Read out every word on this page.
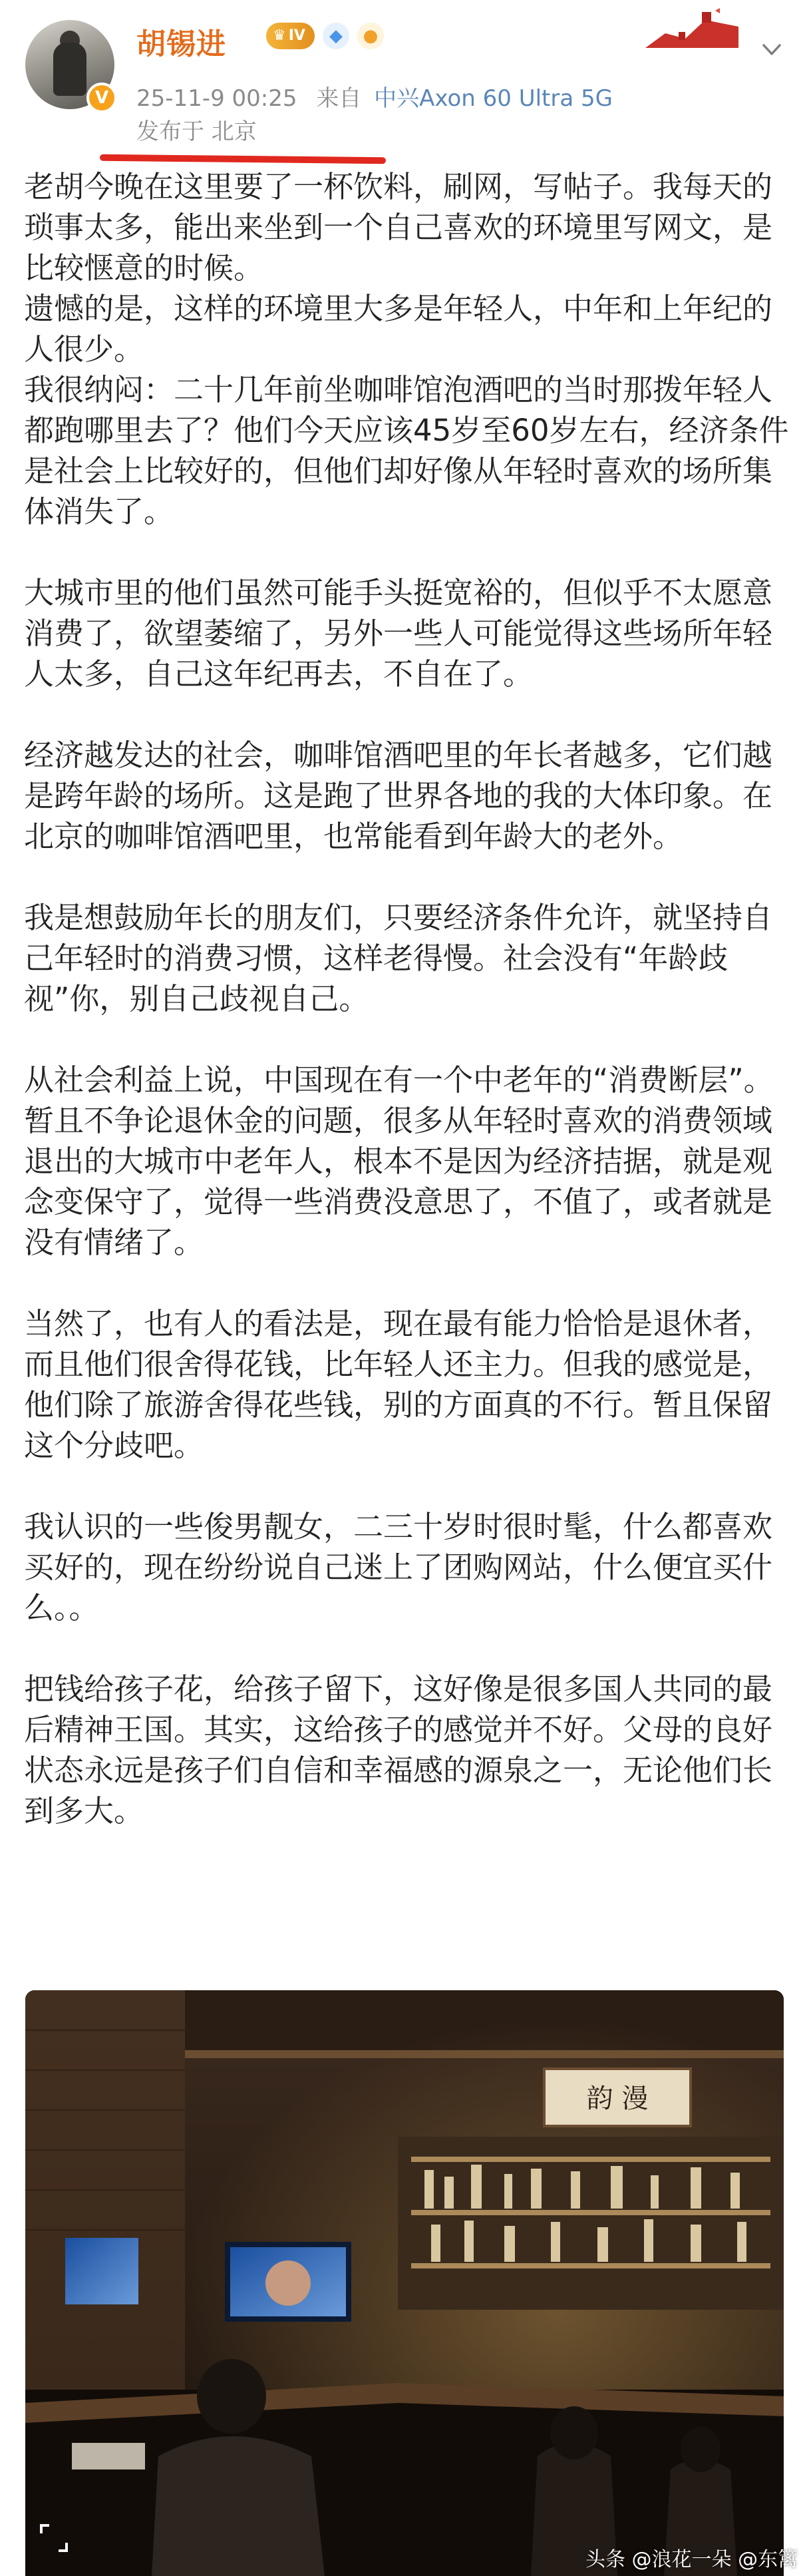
V
胡锡进	♛ IV	◆	●
25-11-9 00:25 来自 中兴Axon 60 Ultra 5G
发布于 北京

老胡今晚在这里要了一杯饮料，刷网，写帖子。我每天的琐事太多，能出来坐到一个自己喜欢的环境里写网文，是比较惬意的时候。

遗憾的是，这样的环境里大多是年轻人，中年和上年纪的人很少。

我很纳闷：二十几年前坐咖啡馆泡酒吧的当时那拨年轻人都跑哪里去了？他们今天应该45岁至60岁左右，经济条件是社会上比较好的，但他们却好像从年轻时喜欢的场所集体消失了。

大城市里的他们虽然可能手头挺宽裕的，但似乎不太愿意消费了，欲望萎缩了，另外一些人可能觉得这些场所年轻人太多，自己这年纪再去，不自在了。

经济越发达的社会，咖啡馆酒吧里的年长者越多，它们越是跨年龄的场所。这是跑了世界各地的我的大体印象。在北京的咖啡馆酒吧里，也常能看到年龄大的老外。

我是想鼓励年长的朋友们，只要经济条件允许，就坚持自己年轻时的消费习惯，这样老得慢。社会没有“年龄歧视”你，别自己歧视自己。

从社会利益上说，中国现在有一个中老年的“消费断层”。暂且不争论退休金的问题，很多从年轻时喜欢的消费领域退出的大城市中老年人，根本不是因为经济拮据，就是观念变保守了，觉得一些消费没意思了，不值了，或者就是没有情绪了。

当然了，也有人的看法是，现在最有能力恰恰是退休者，而且他们很舍得花钱，比年轻人还主力。但我的感觉是，他们除了旅游舍得花些钱，别的方面真的不行。暂且保留这个分歧吧。

我认识的一些俊男靓女，二三十岁时很时髦，什么都喜欢买好的，现在纷纷说自己迷上了团购网站，什么便宜买什么。。

把钱给孩子花，给孩子留下，这好像是很多国人共同的最后精神王国。其实，这给孩子的感觉并不好。父母的良好状态永远是孩子们自信和幸福感的源泉之一，无论他们长到多大。

韵 漫
头条 @浪花一朵 @东篱
